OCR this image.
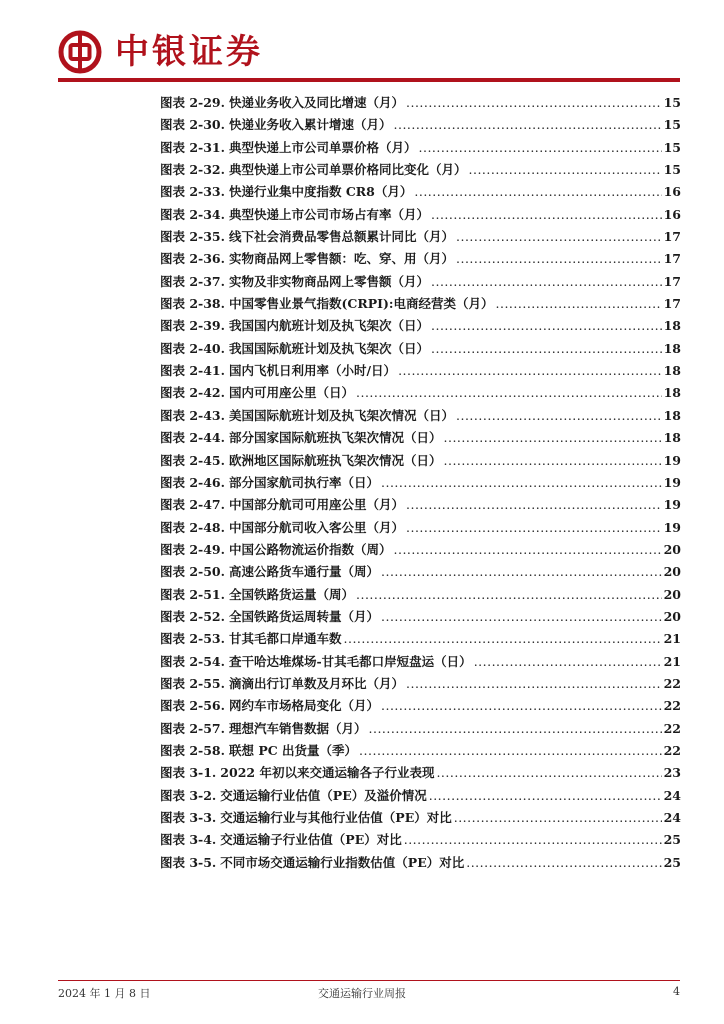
中银证券
图表 2-29. 快递业务收入及同比增速（月） .....	15
图表 2-30. 快递业务收入累计增速（月） .....	15
图表 2-31. 典型快递上市公司单票价格（月） .....	15
图表 2-32. 典型快递上市公司单票价格同比变化（月） .....	15
图表 2-33. 快递行业集中度指数 CR8（月） .....	16
图表 2-34. 典型快递上市公司市场占有率（月） .....	16
图表 2-35. 线下社会消费品零售总额累计同比（月） .....	17
图表 2-36. 实物商品网上零售额：吃、穿、用（月） .....	17
图表 2-37. 实物及非实物商品网上零售额（月） .....	17
图表 2-38. 中国零售业景气指数(CRPI):电商经营类（月） .....	17
图表 2-39. 我国国内航班计划及执飞架次（日） .....	18
图表 2-40. 我国国际航班计划及执飞架次（日） .....	18
图表 2-41. 国内飞机日利用率（小时/日） .....	18
图表 2-42. 国内可用座公里（日） .....	18
图表 2-43. 美国国际航班计划及执飞架次情况（日） .....	18
图表 2-44. 部分国家国际航班执飞架次情况（日） .....	18
图表 2-45. 欧洲地区国际航班执飞架次情况（日） .....	19
图表 2-46. 部分国家航司执行率（日） .....	19
图表 2-47. 中国部分航司可用座公里（月） .....	19
图表 2-48. 中国部分航司收入客公里（月） .....	19
图表 2-49. 中国公路物流运价指数（周） .....	20
图表 2-50. 高速公路货车通行量（周） .....	20
图表 2-51. 全国铁路货运量（周） .....	20
图表 2-52. 全国铁路货运周转量（月） .....	20
图表 2-53. 甘其毛都口岸通车数 .....	21
图表 2-54. 查干哈达堆煤场-甘其毛都口岸短盘运（日） .....	21
图表 2-55. 滴滴出行订单数及月环比（月） .....	22
图表 2-56. 网约车市场格局变化（月） .....	22
图表 2-57. 理想汽车销售数据（月） .....	22
图表 2-58. 联想 PC 出货量（季） .....	22
图表 3-1. 2022 年初以来交通运输各子行业表现 .....	23
图表 3-2. 交通运输行业估值（PE）及溢价情况 .....	24
图表 3-3. 交通运输行业与其他行业估值（PE）对比 .....	24
图表 3-4. 交通运输子行业估值（PE）对比 .....	25
图表 3-5. 不同市场交通运输行业指数估值（PE）对比 .....	25
2024 年 1 月 8 日	交通运输行业周报	4
